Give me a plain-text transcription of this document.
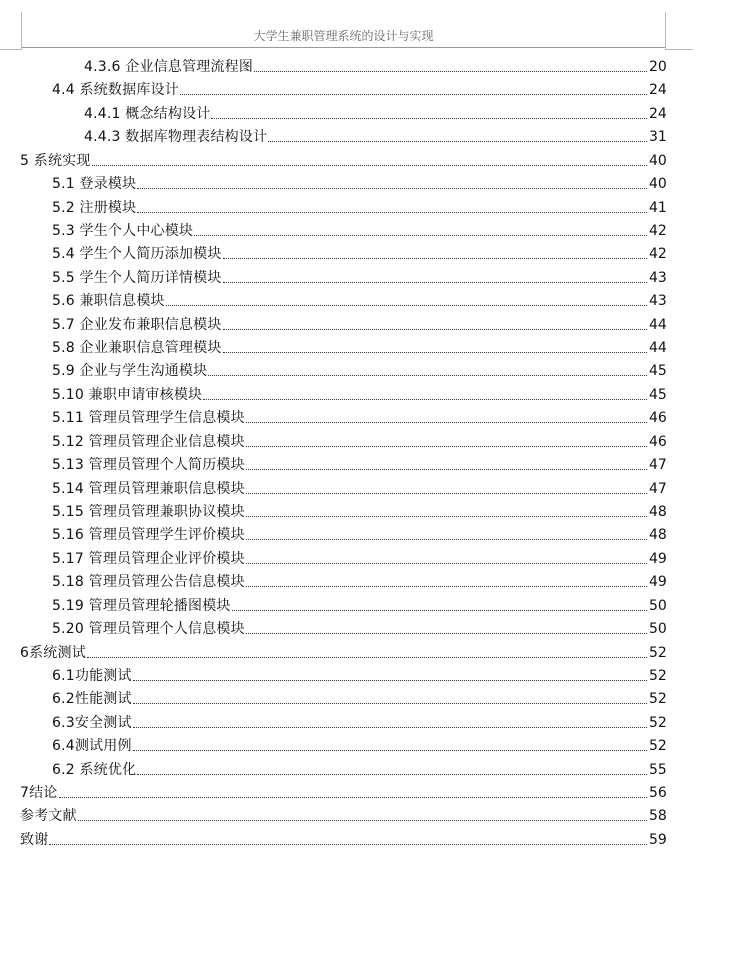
大学生兼职管理系统的设计与实现
4.3.6 企业信息管理流程图	20
4.4 系统数据库设计	24
4.4.1 概念结构设计	24
4.4.3 数据库物理表结构设计	31
5 系统实现	40
5.1 登录模块	40
5.2 注册模块	41
5.3 学生个人中心模块	42
5.4 学生个人简历添加模块	42
5.5 学生个人简历详情模块	43
5.6 兼职信息模块	43
5.7 企业发布兼职信息模块	44
5.8 企业兼职信息管理模块	44
5.9 企业与学生沟通模块	45
5.10 兼职申请审核模块	45
5.11 管理员管理学生信息模块	46
5.12 管理员管理企业信息模块	46
5.13 管理员管理个人简历模块	47
5.14 管理员管理兼职信息模块	47
5.15 管理员管理兼职协议模块	48
5.16 管理员管理学生评价模块	48
5.17 管理员管理企业评价模块	49
5.18 管理员管理公告信息模块	49
5.19 管理员管理轮播图模块	50
5.20 管理员管理个人信息模块	50
6系统测试	52
6.1功能测试	52
6.2性能测试	52
6.3安全测试	52
6.4测试用例	52
6.2 系统优化	55
7结论	56
参考文献	58
致谢	59
